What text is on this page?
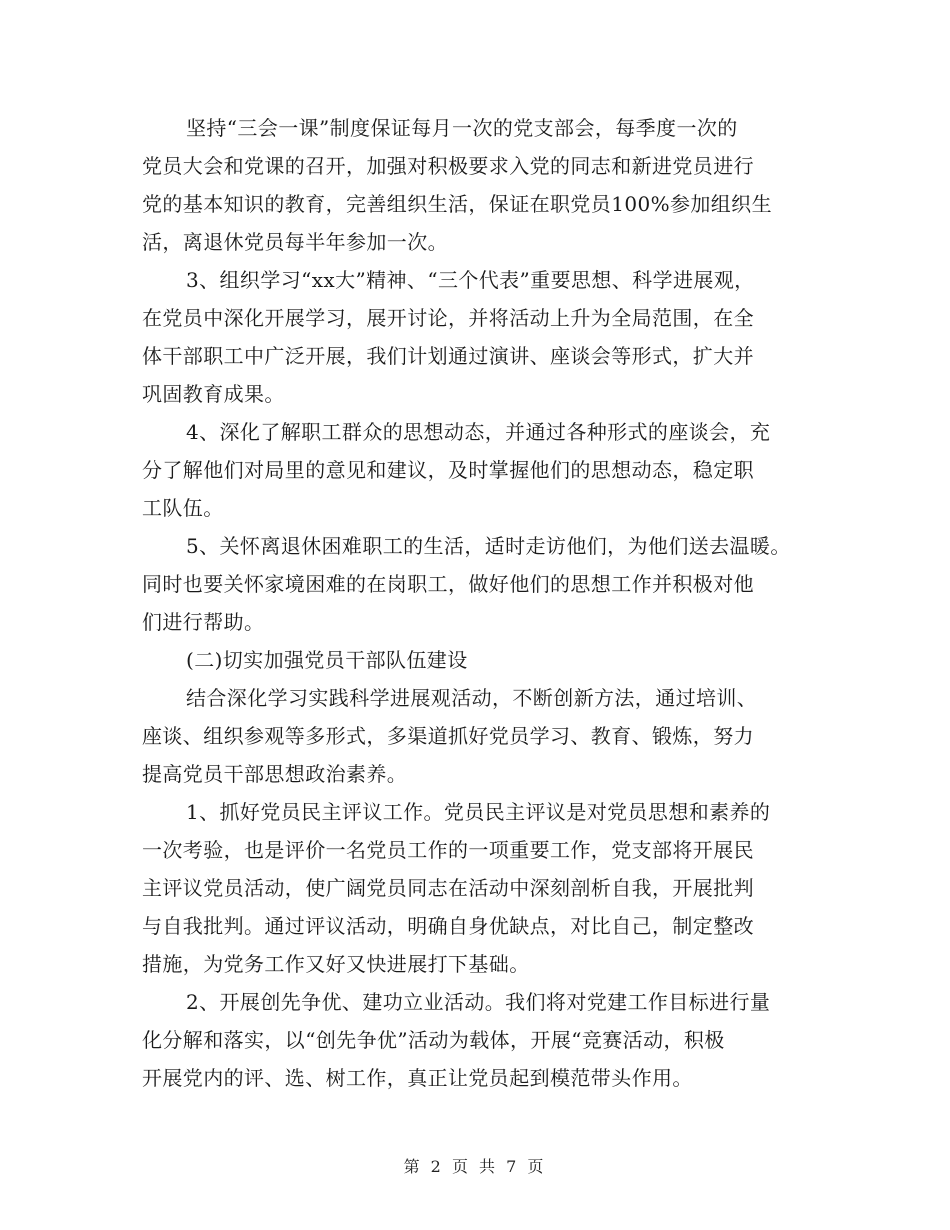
坚持“三会一课”制度保证每月一次的党支部会，每季度一次的
党员大会和党课的召开，加强对积极要求入党的同志和新进党员进行
党的基本知识的教育，完善组织生活，保证在职党员100%参加组织生
活，离退休党员每半年参加一次。
3、组织学习“xx大”精神、“三个代表”重要思想、科学进展观，
在党员中深化开展学习，展开讨论，并将活动上升为全局范围，在全
体干部职工中广泛开展，我们计划通过演讲、座谈会等形式，扩大并
巩固教育成果。
4、深化了解职工群众的思想动态，并通过各种形式的座谈会，充
分了解他们对局里的意见和建议，及时掌握他们的思想动态，稳定职
工队伍。
5、关怀离退休困难职工的生活，适时走访他们，为他们送去温暖。
同时也要关怀家境困难的在岗职工，做好他们的思想工作并积极对他
们进行帮助。
(二)切实加强党员干部队伍建设
结合深化学习实践科学进展观活动，不断创新方法，通过培训、
座谈、组织参观等多形式，多渠道抓好党员学习、教育、锻炼，努力
提高党员干部思想政治素养。
1、抓好党员民主评议工作。党员民主评议是对党员思想和素养的
一次考验，也是评价一名党员工作的一项重要工作，党支部将开展民
主评议党员活动，使广阔党员同志在活动中深刻剖析自我，开展批判
与自我批判。通过评议活动，明确自身优缺点，对比自己，制定整改
措施，为党务工作又好又快进展打下基础。
2、开展创先争优、建功立业活动。我们将对党建工作目标进行量
化分解和落实，以“创先争优”活动为载体，开展“竞赛活动，积极
开展党内的评、选、树工作，真正让党员起到模范带头作用。
第 2 页 共 7 页
